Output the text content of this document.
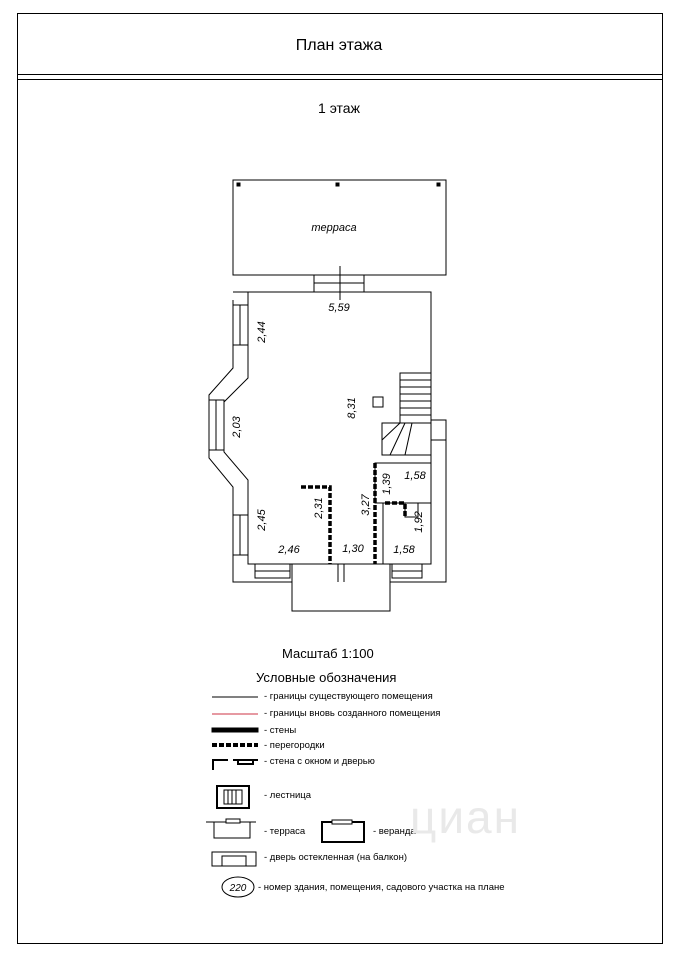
План этажа
1 этаж
5,59
2,44
2,03
2,45
8,31
2,31	3,27
1,39 1,58
1,92
2,46	1,30	1,58
терраса
Масштаб 1:100
Условные обозначения
220
- границы существующего помещения
- границы вновь созданного помещения
- стены
- перегородки
- стена с окном и дверью
- лестница
- терраса	- веранда
- дверь остекленная (на балкон)
- номер здания, помещения, садового участка на плане
циан
